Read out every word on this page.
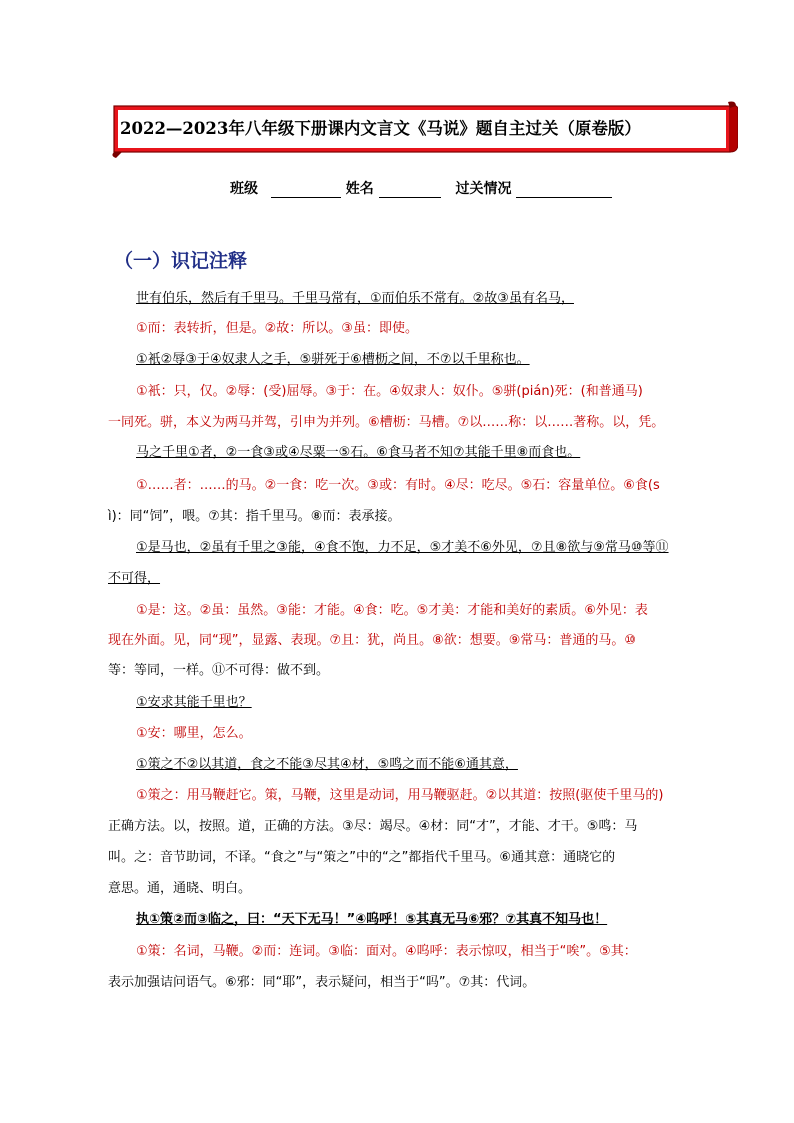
2022—2023年八年级下册课内文言文《马说》题自主过关（原卷版）
班级	姓名	过关情况
（一）识记注释
世有伯乐，然后有千里马。千里马常有，①而伯乐不常有。②故③虽有名马，
①而：表转折，但是。②故：所以。③虽：即使。
①衹②辱③于④奴隶人之手，⑤骈死于⑥槽枥之间，不⑦以千里称也。
①衹：只，仅。②辱：(受)屈辱。③于：在。④奴隶人：奴仆。⑤骈(pián)死：(和普通马)
一同死。骈，本义为两马并驾，引申为并列。⑥槽枥：马槽。⑦以……称：以……著称。以，凭。
马之千里①者，②一食③或④尽粟一⑤石。⑥食马者不知⑦其能千里⑧而食也。
①……者：……的马。②一食：吃一次。③或：有时。④尽：吃尽。⑤石：容量单位。⑥食(s
ì)：同“饲”，喂。⑦其：指千里马。⑧而：表承接。
①是马也，②虽有千里之③能，④食不饱，力不足，⑤才美不⑥外见，⑦且⑧欲与⑨常马⑩等⑪
不可得，
①是：这。②虽：虽然。③能：才能。④食：吃。⑤才美：才能和美好的素质。⑥外见：表
现在外面。见，同“现”，显露、表现。⑦且：犹，尚且。⑧欲：想要。⑨常马：普通的马。⑩
等：等同，一样。⑪不可得：做不到。
①安求其能千里也？
①安：哪里，怎么。
①策之不②以其道，食之不能③尽其④材，⑤鸣之而不能⑥通其意，
①策之：用马鞭赶它。策，马鞭，这里是动词，用马鞭驱赶。②以其道：按照(驱使千里马的)
正确方法。以，按照。道，正确的方法。③尽：竭尽。④材：同“才”，才能、才干。⑤鸣：马
叫。之：音节助词，不译。“食之”与“策之”中的“之”都指代千里马。⑥通其意：通晓它的
意思。通，通晓、明白。
执①策②而③临之，曰：“天下无马！”④呜呼！⑤其真无马⑥邪？⑦其真不知马也！
①策：名词，马鞭。②而：连词。③临：面对。④呜呼：表示惊叹，相当于“唉”。⑤其：
表示加强诘问语气。⑥邪：同“耶”，表示疑问，相当于“吗”。⑦其：代词。
